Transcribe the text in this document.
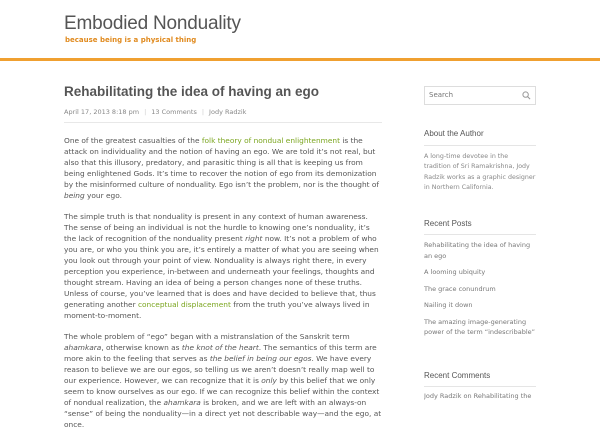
Embodied Nonduality
because being is a physical thing
Rehabilitating the idea of having an ego
April 17, 2013 8:18 pm | 13 Comments | Jody Radzik

One of the greatest casualties of the folk theory of nondual enlightenment is the attack on individuality and the notion of having an ego. We are told it’s not real, but also that this illusory, predatory, and parasitic thing is all that is keeping us from being enlightened Gods. It’s time to recover the notion of ego from its demonization by the misinformed culture of nonduality. Ego isn’t the problem, nor is the thought of being your ego.

The simple truth is that nonduality is present in any context of human awareness. The sense of being an individual is not the hurdle to knowing one’s nonduality, it’s the lack of recognition of the nonduality present right now. It’s not a problem of who you are, or who you think you are, it’s entirely a matter of what you are seeing when you look out through your point of view. Nonduality is always right there, in every perception you experience, in-between and underneath your feelings, thoughts and thought stream. Having an idea of being a person changes none of these truths. Unless of course, you’ve learned that is does and have decided to believe that, thus generating another conceptual displacement from the truth you’ve always lived in moment-to-moment.

The whole problem of “ego” began with a mistranslation of the Sanskrit term ahamkara, otherwise known as the knot of the heart. The semantics of this term are more akin to the feeling that serves as the belief in being our egos. We have every reason to believe we are our egos, so telling us we aren’t doesn’t really map well to our experience. However, we can recognize that it is only by this belief that we only seem to know ourselves as our ego. If we can recognize this belief within the context of nondual realization, the ahamkara is broken, and we are left with an always-on “sense” of being the nonduality—in a direct yet not describable way—and the ego, at once.

Search
About the Author
A long-time devotee in the tradition of Sri Ramakrishna, Jody Radzik works as a graphic designer in Northern California.
Recent Posts
Rehabilitating the idea of having an ego
A looming ubiquity
The grace conundrum
Nailing it down
The amazing image-generating power of the term “indescribable”
Recent Comments
Jody Radzik on Rehabilitating the
